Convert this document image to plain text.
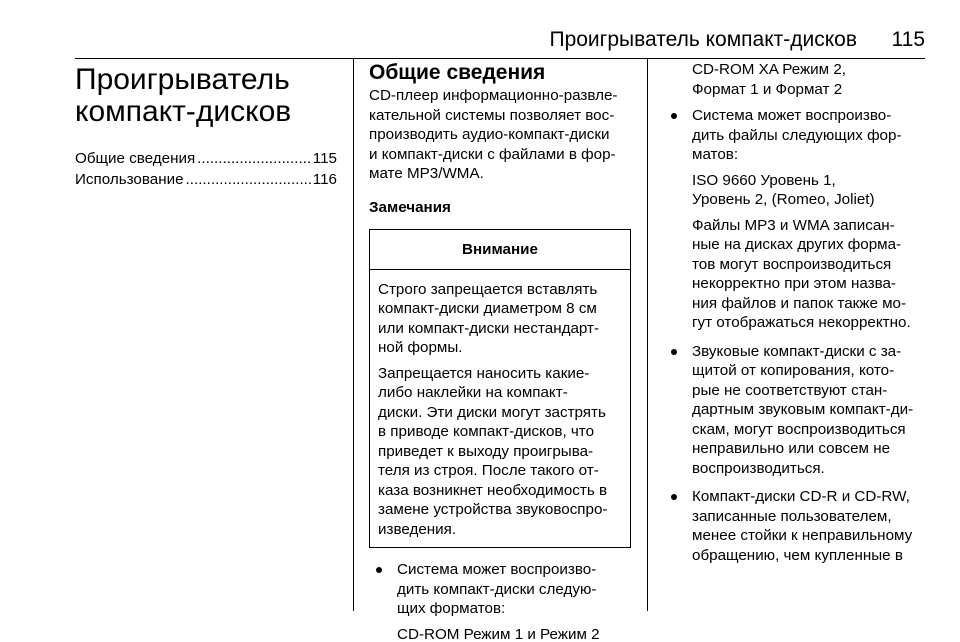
Проигрыватель компакт-дисков 115
Проигрыватель
компакт-дисков
Общие сведения .....	115
Использование .....	116
Общие сведения

CD-плеер информационно-развле-
кательной системы позволяет вос-
производить аудио-компакт-диски
и компакт-диски с файлами в фор-
мате MP3/WMA.

Замечания
Внимание

Строго запрещается вставлять
компакт-диски диаметром 8 см
или компакт-диски нестандарт-
ной формы.

Запрещается наносить какие-
либо наклейки на компакт-
диски. Эти диски могут застрять
в приводе компакт-дисков, что
приведет к выходу проигрыва-
теля из строя. После такого от-
каза возникнет необходимость в
замене устройства звуковоспро-
изведения.

Система может воспроизво-
дить компакт-диски следую-
щих форматов:

CD-ROM Режим 1 и Режим 2

CD-ROM XA Режим 2,
Формат 1 и Формат 2

Система может воспроизво-
дить файлы следующих фор-
матов:

ISO 9660 Уровень 1,
Уровень 2, (Romeo, Joliet)

Файлы MP3 и WMA записан-
ные на дисках других форма-
тов могут воспроизводиться
некорректно при этом назва-
ния файлов и папок также мо-
гут отображаться некорректно.

Звуковые компакт-диски с за-
щитой от копирования, кото-
рые не соответствуют стан-
дартным звуковым компакт-ди-
скам, могут воспроизводиться
неправильно или совсем не
воспроизводиться.

Компакт-диски CD-R и CD-RW,
записанные пользователем,
менее стойки к неправильному
обращению, чем купленные в
